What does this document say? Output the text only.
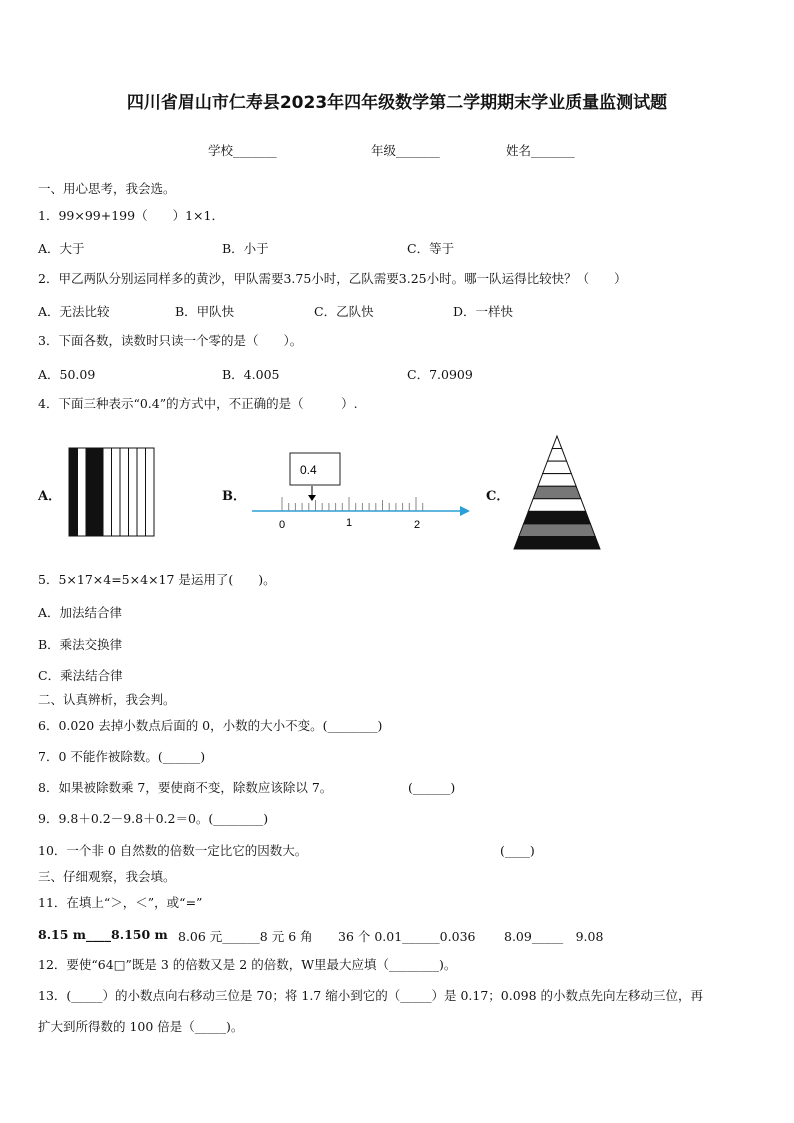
四川省眉山市仁寿县2023年四年级数学第二学期期末学业质量监测试题
学校_______	年级_______	姓名_______
一、用心思考，我会选。
1．99×99+199（　　）1×1．
A．大于	B．小于	C．等于
2．甲乙两队分别运同样多的黄沙，甲队需要3.75小时，乙队需要3.25小时。哪一队运得比较快？（　　）
A．无法比较	B．甲队快	C．乙队快	D．一样快
3．下面各数，读数时只读一个零的是（　　）。
A．50.09	B．4.005	C．7.0909
4．下面三种表示“0.4”的方式中，不正确的是（　　　）.
A．	B．	C．
0.4
0	1	2
5．5×17×4=5×4×17 是运用了(　　)。
A．加法结合律
B．乘法交换律
C．乘法结合律
二、认真辨析，我会判。
6．0.020 去掉小数点后面的 0，小数的大小不变。(________)
7．0 不能作被除数。(______)
8．如果被除数乘 7，要使商不变，除数应该除以 7。	(______)
9．9.8＋0.2－9.8＋0.2＝0。(________)
10．一个非 0 自然数的倍数一定比它的因数大。	(____)
三、仔细观察，我会填。
11．在填上“＞，＜”，或“=”
8.15 m____8.150 m 8.06 元______8 元 6 角 36 个 0.01______0.036 8.09_____　9.08
12．要使“64□”既是 3 的倍数又是 2 的倍数，W里最大应填（________)。
13．(_____）的小数点向右移动三位是 70；将 1.7 缩小到它的（_____）是 0.17；0.098 的小数点先向左移动三位，再
扩大到所得数的 100 倍是（_____)。
